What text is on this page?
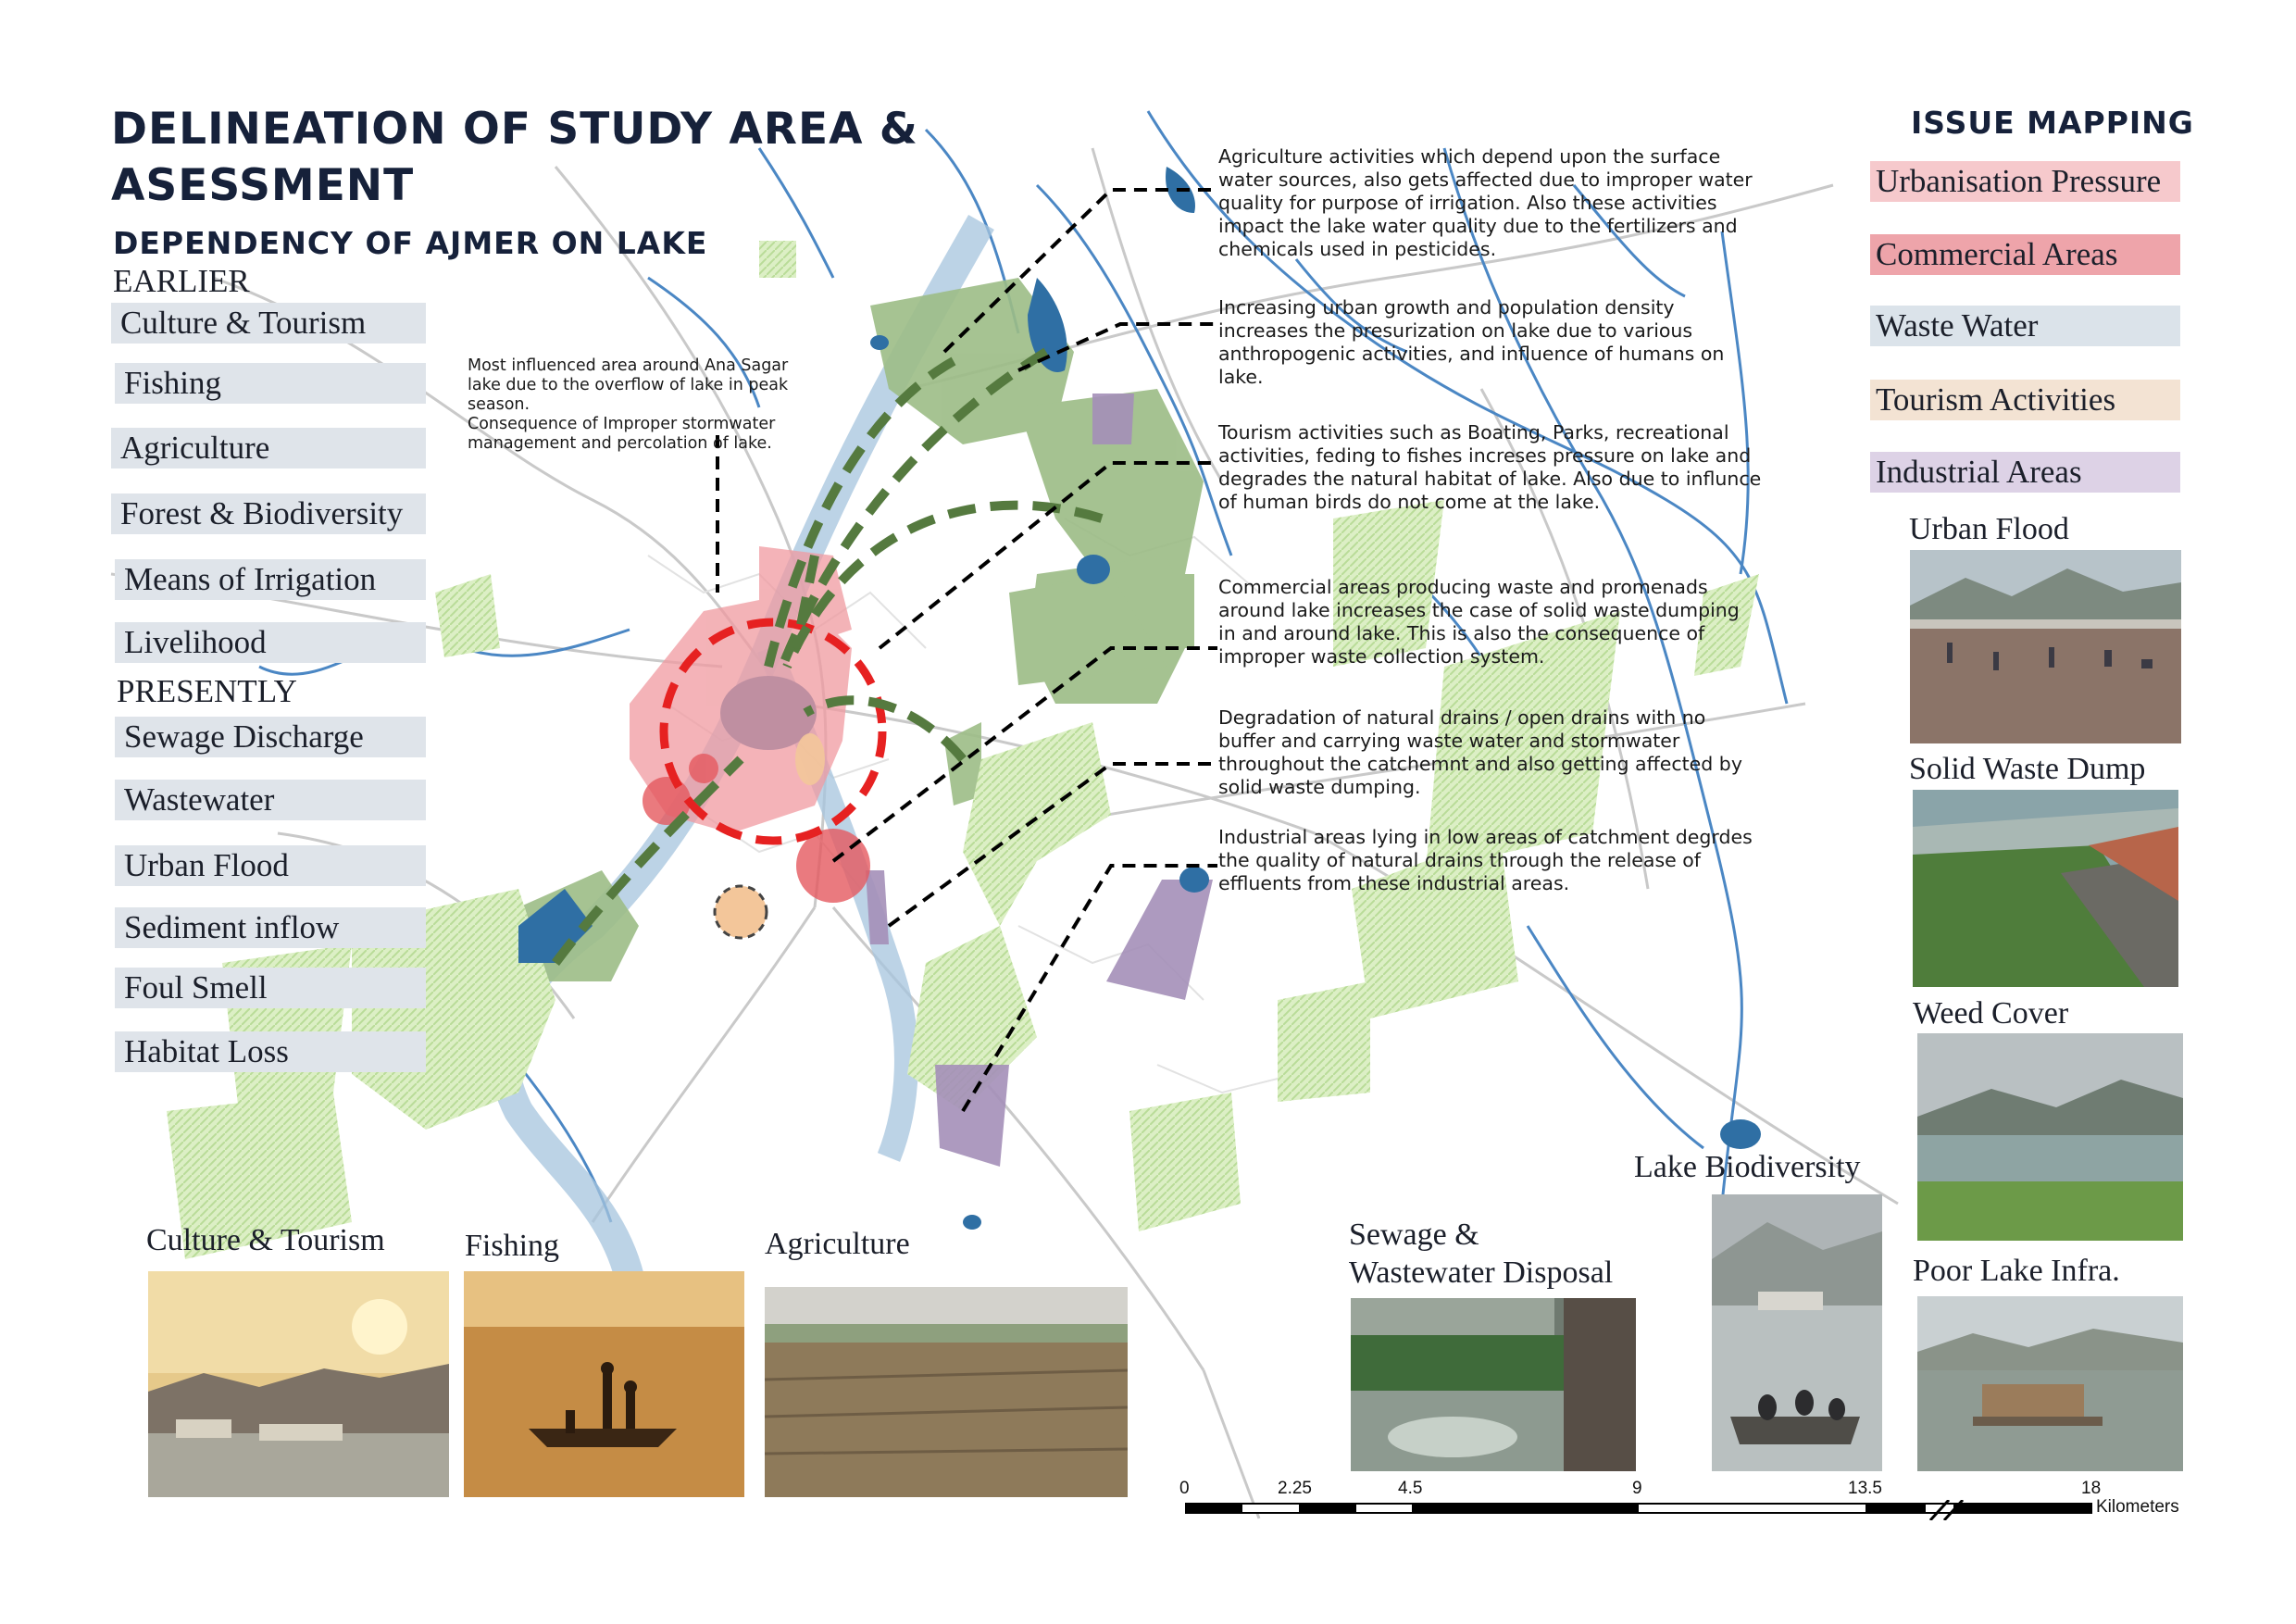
DELINEATION OF STUDY AREA &
ASESSMENT
DEPENDENCY OF AJMER ON LAKE
EARLIER
Culture & Tourism
Fishing
Agriculture
Forest & Biodiversity
Means of Irrigation
Livelihood
PRESENTLY
Sewage Discharge
Wastewater
Urban Flood
Sediment inflow
Foul Smell
Habitat Loss
Most influenced area around Ana Sagar
lake due to the overflow of lake in peak
season.
Consequence of Improper stormwater
management and percolation of lake.
Agriculture activities which depend upon the surface
water sources, also gets affected due to improper water
quality for purpose of irrigation. Also these activities
impact the lake water quality due to the fertilizers and
chemicals used in pesticides.
Increasing urban growth and population density
increases the presurization on lake due to various
anthropogenic activities, and influence of humans on
lake.
Tourism activities such as Boating, Parks, recreational
activities, feding to fishes increses pressure on lake and
degrades the natural habitat of lake. Also due to influnce
of human birds do not come at the lake.
Commercial areas producing waste and promenads
around lake increases the case of solid waste dumping
in and around lake. This is also the consequence of
improper waste collection system.
Degradation of natural drains / open drains with no
buffer and carrying waste water and stormwater
throughout the catchemnt and also getting affected by
solid waste dumping.
Industrial areas lying in low areas of catchment degrdes
the quality of natural drains through the release of
effluents from these industrial areas.
ISSUE MAPPING
Urbanisation Pressure
Commercial Areas
Waste Water
Tourism Activities
Industrial Areas
Urban Flood
Solid Waste Dump
Weed Cover
Poor Lake Infra.
Culture & Tourism	Fishing	Agriculture	Sewage &
Wastewater Disposal
Lake Biodiversity
0	2.25	4.5	9	13.5	18
Kilometers
